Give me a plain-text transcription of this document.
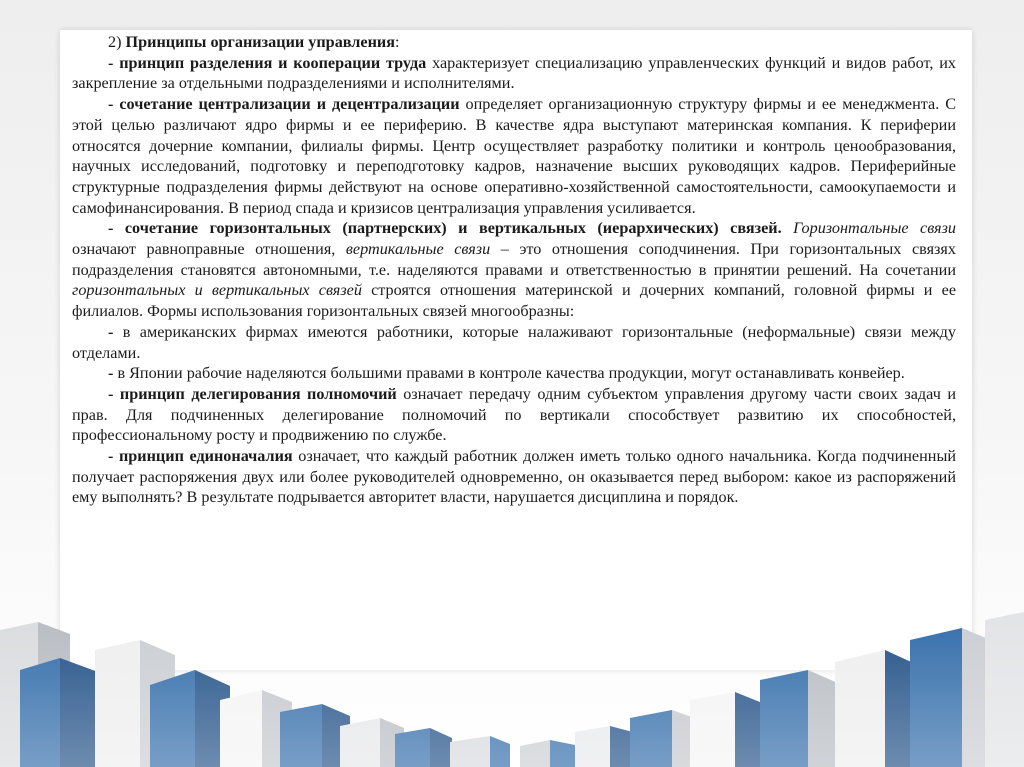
2) Принципы организации управления:

- принцип разделения и кооперации труда характеризует специализацию управленческих функций и видов работ, их закрепление за отдельными подразделениями и исполнителями.

- сочетание централизации и децентрализации определяет организационную структуру фирмы и ее менеджмента. С этой целью различают ядро фирмы и ее периферию. В качестве ядра выступают материнская компания. К периферии относятся дочерние компании, филиалы фирмы. Центр осуществляет разработку политики и контроль ценообразования, научных исследований, подготовку и переподготовку кадров, назначение высших руководящих кадров. Периферийные структурные подразделения фирмы действуют на основе оперативно-хозяйственной самостоятельности, самоокупаемости и самофинансирования. В период спада и кризисов централизация управления усиливается.

- сочетание горизонтальных (партнерских) и вертикальных (иерархических) связей. Горизонтальные связи означают равноправные отношения, вертикальные связи – это отношения соподчинения. При горизонтальных связях подразделения становятся автономными, т.е. наделяются правами и ответственностью в принятии решений. На сочетании горизонтальных и вертикальных связей строятся отношения материнской и дочерних компаний, головной фирмы и ее филиалов. Формы использования горизонтальных связей многообразны:

- в американских фирмах имеются работники, которые налаживают горизонтальные (неформальные) связи между отделами.

- в Японии рабочие наделяются большими правами в контроле качества продукции, могут останавливать конвейер.

- принцип делегирования полномочий означает передачу одним субъектом управления другому части своих задач и прав. Для подчиненных делегирование полномочий по вертикали способствует развитию их способностей, профессиональному росту и продвижению по службе.

- принцип единоначалия означает, что каждый работник должен иметь только одного начальника. Когда подчиненный получает распоряжения двух или более руководителей одновременно, он оказывается перед выбором: какое из распоряжений ему выполнять? В результате подрывается авторитет власти, нарушается дисциплина и порядок.
